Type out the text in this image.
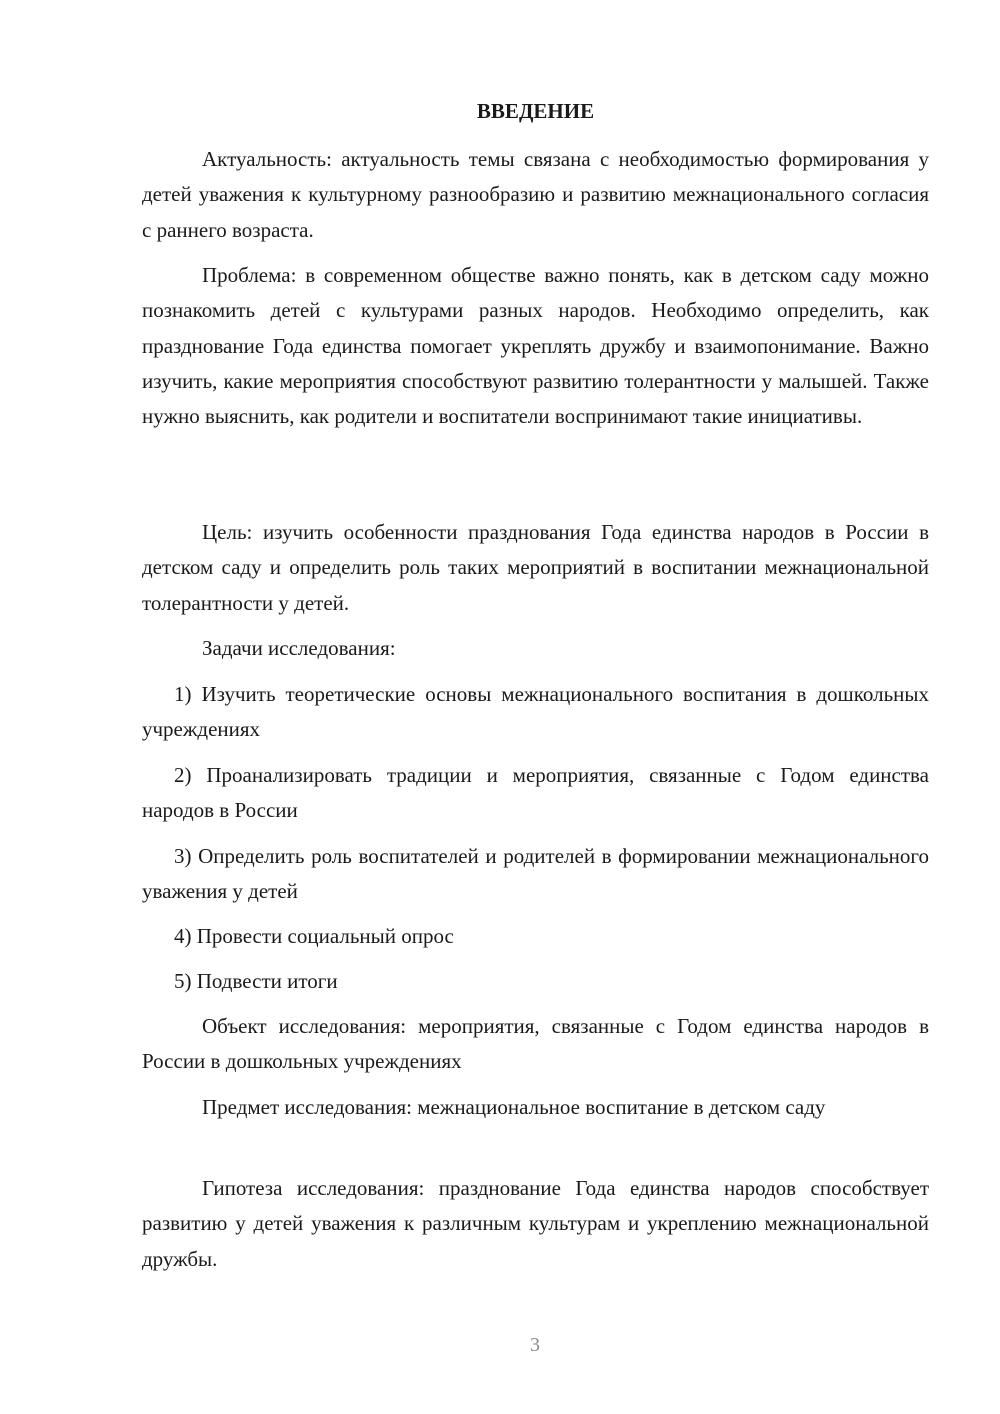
ВВЕДЕНИЕ

Актуальность: актуальность темы связана с необходимостью формирования у детей уважения к культурному разнообразию и развитию межнационального согласия с раннего возраста.

Проблема: в современном обществе важно понять, как в детском саду можно познакомить детей с культурами разных народов. Необходимо определить, как празднование Года единства помогает укреплять дружбу и взаимопонимание. Важно изучить, какие мероприятия способствуют развитию толерантности у малышей. Также нужно выяснить, как родители и воспитатели воспринимают такие инициативы.

Цель: изучить особенности празднования Года единства народов в России в детском саду и определить роль таких мероприятий в воспитании межнациональной толерантности у детей.

Задачи исследования:

1) Изучить теоретические основы межнационального воспитания в дошкольных учреждениях

2) Проанализировать традиции и мероприятия, связанные с Годом единства народов в России

3) Определить роль воспитателей и родителей в формировании межнационального уважения у детей

4) Провести социальный опрос

5) Подвести итоги

Объект исследования: мероприятия, связанные с Годом единства народов в России в дошкольных учреждениях

Предмет исследования: межнациональное воспитание в детском саду

Гипотеза исследования: празднование Года единства народов способствует развитию у детей уважения к различным культурам и укреплению межнациональной дружбы.

3
